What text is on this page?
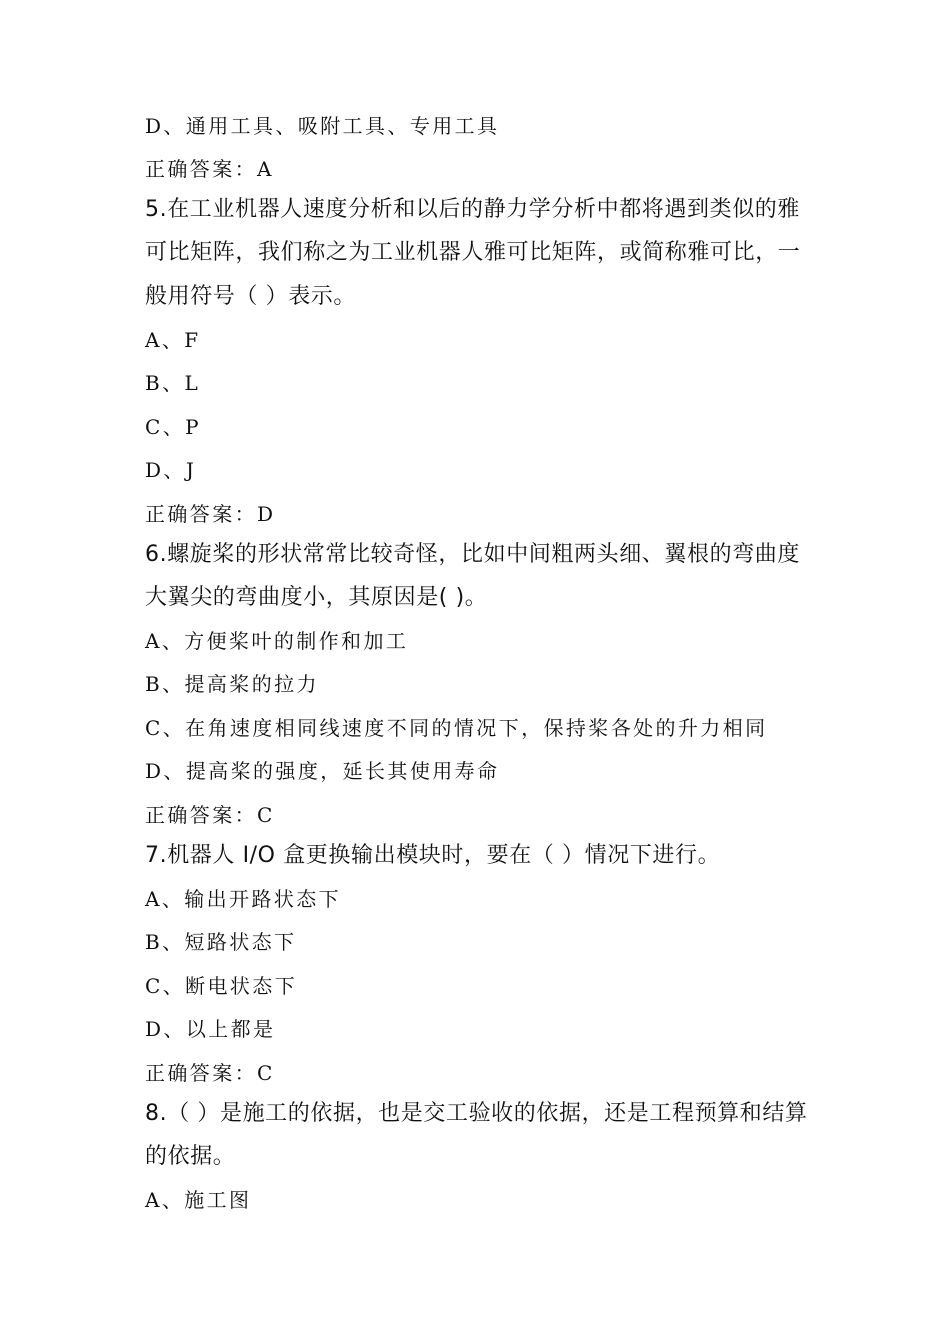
D、通用工具、吸附工具、专用工具
正确答案：A
5.在工业机器人速度分析和以后的静力学分析中都将遇到类似的雅
可比矩阵，我们称之为工业机器人雅可比矩阵，或简称雅可比，一
般用符号（ ）表示。
A、F
B、L
C、P
D、J
正确答案：D
6.螺旋桨的形状常常比较奇怪，比如中间粗两头细、翼根的弯曲度
大翼尖的弯曲度小，其原因是( )。
A、方便桨叶的制作和加工
B、提高桨的拉力
C、在角速度相同线速度不同的情况下，保持桨各处的升力相同
D、提高桨的强度，延长其使用寿命
正确答案：C
7.机器人 I/O 盒更换输出模块时，要在（ ）情况下进行。
A、输出开路状态下
B、短路状态下
C、断电状态下
D、以上都是
正确答案：C
8.（ ）是施工的依据，也是交工验收的依据，还是工程预算和结算
的依据。
A、施工图
